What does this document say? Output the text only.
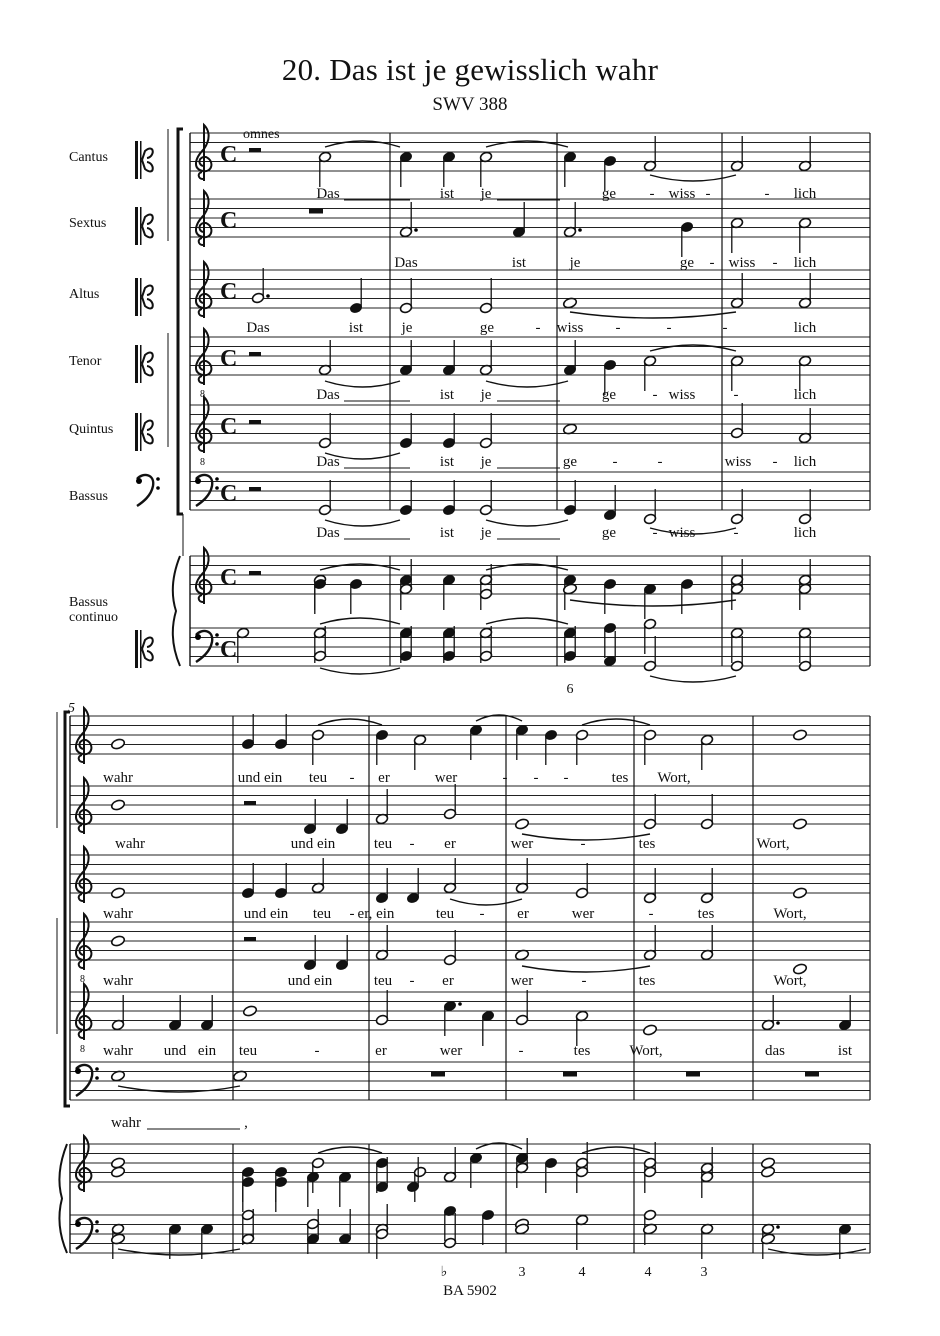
20. Das ist je gewisslich wahr
SWV 388
BA 5902
C
C
C
8
C
8
C
C
C
C
8
8
Cantus
Sextus
Altus
Tenor
Quintus
Bassus
Bassus
continuo
omnes
5
Das	ist je	ge - wiss -	- lich
Das	ist	je	ge - wiss - lich
Das	ist	je	ge	- wiss -	-	-	lich
Das	ist je	ge - wiss	-	lich
Das	ist je	ge -	-	wiss - lich
Das	ist je	ge - wiss	-	lich
wahr	und ein teu - er	wer	- - -	tes Wort,
wahr	und ein	teu - er	wer	-	tes	Wort,
wahr	und ein teu - er, ein	teu - er	wer	-	tes	Wort,
wahr	und ein	teu - er	wer	-	tes	Wort,
wahr und ein teu	-	er	wer	-	tes	Wort,	das	ist
wahr	,
6
♭	3	4	4	3
